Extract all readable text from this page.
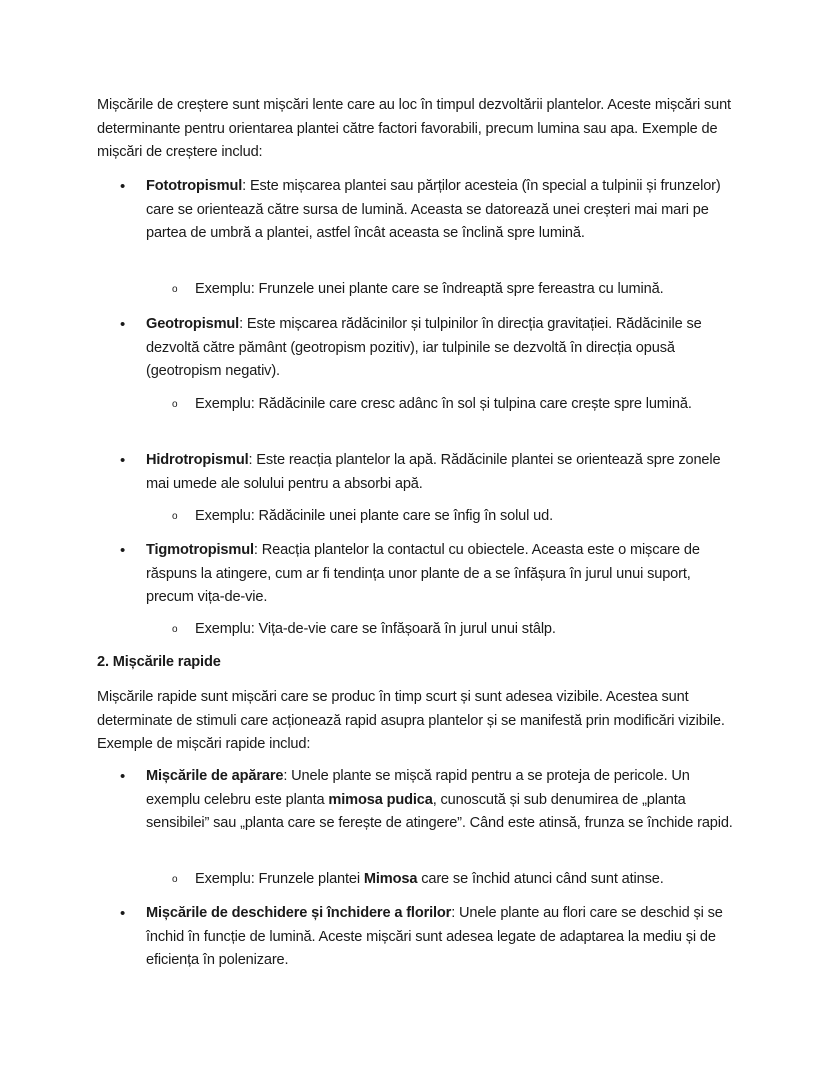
Mișcările de creștere sunt mișcări lente care au loc în timpul dezvoltării plantelor. Aceste mișcări sunt determinante pentru orientarea plantei către factori favorabili, precum lumina sau apa. Exemple de mișcări de creștere includ:
• Fototropismul: Este mișcarea plantei sau părților acesteia (în special a tulpinii și frunzelor) care se orientează către sursa de lumină. Aceasta se datorează unei creșteri mai mari pe partea de umbră a plantei, astfel încât aceasta se înclină spre lumină.
o Exemplu: Frunzele unei plante care se îndreaptă spre fereastra cu lumină.
• Geotropismul: Este mișcarea rădăcinilor și tulpinilor în direcția gravitației. Rădăcinile se dezvoltă către pământ (geotropism pozitiv), iar tulpinile se dezvoltă în direcția opusă (geotropism negativ).
o Exemplu: Rădăcinile care cresc adânc în sol și tulpina care crește spre lumină.
• Hidrotropismul: Este reacția plantelor la apă. Rădăcinile plantei se orientează spre zonele mai umede ale solului pentru a absorbi apă.
o Exemplu: Rădăcinile unei plante care se înfig în solul ud.
• Tigmotropismul: Reacția plantelor la contactul cu obiectele. Aceasta este o mișcare de răspuns la atingere, cum ar fi tendința unor plante de a se înfășura în jurul unui suport, precum vița-de-vie.
o Exemplu: Vița-de-vie care se înfășoară în jurul unui stâlp.
2. Mișcările rapide
Mișcările rapide sunt mișcări care se produc în timp scurt și sunt adesea vizibile. Acestea sunt determinate de stimuli care acționează rapid asupra plantelor și se manifestă prin modificări vizibile. Exemple de mișcări rapide includ:
• Mișcările de apărare: Unele plante se mișcă rapid pentru a se proteja de pericole. Un exemplu celebru este planta mimosa pudica, cunoscută și sub denumirea de „planta sensibilei” sau „planta care se ferește de atingere”. Când este atinsă, frunza se închide rapid.
o Exemplu: Frunzele plantei Mimosa care se închid atunci când sunt atinse.
• Mișcările de deschidere și închidere a florilor: Unele plante au flori care se deschid și se închid în funcție de lumină. Aceste mișcări sunt adesea legate de adaptarea la mediu și de eficiența în polenizare.
